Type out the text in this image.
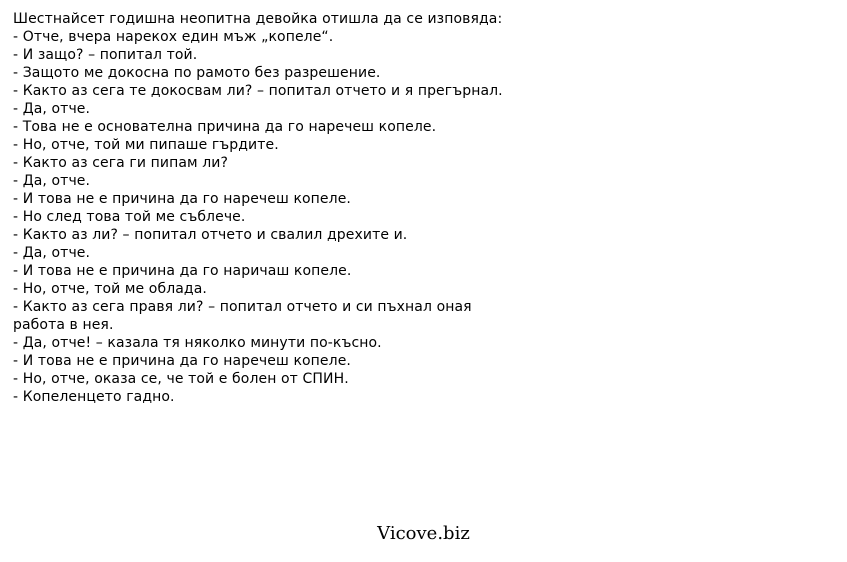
Шестнайсет годишна неопитна девойка отишла да се изповяда:
- Отче, вчера нарекох един мъж „копеле“.
- И защо? – попитал той.
- Защото ме докосна по рамото без разрешение.
- Както аз сега те докосвам ли? – попитал отчето и я прегърнал.
- Да, отче.
- Това не е основателна причина да го наречеш копеле.
- Но, отче, той ми пипаше гърдите.
- Както аз сега ги пипам ли?
- Да, отче.
- И това не е причина да го наречеш копеле.
- Но след това той ме съблече.
- Както аз ли? – попитал отчето и свалил дрехите и.
- Да, отче.
- И това не е причина да го наричаш копеле.
- Но, отче, той ме облада.
- Както аз сега правя ли? – попитал отчето и си пъхнал оная
работа в нея.
- Да, отче! – казала тя няколко минути по-късно.
- И това не е причина да го наречеш копеле.
- Но, отче, оказа се, че той е болен от СПИН.
- Копеленцето гадно.
Vicove.biz
